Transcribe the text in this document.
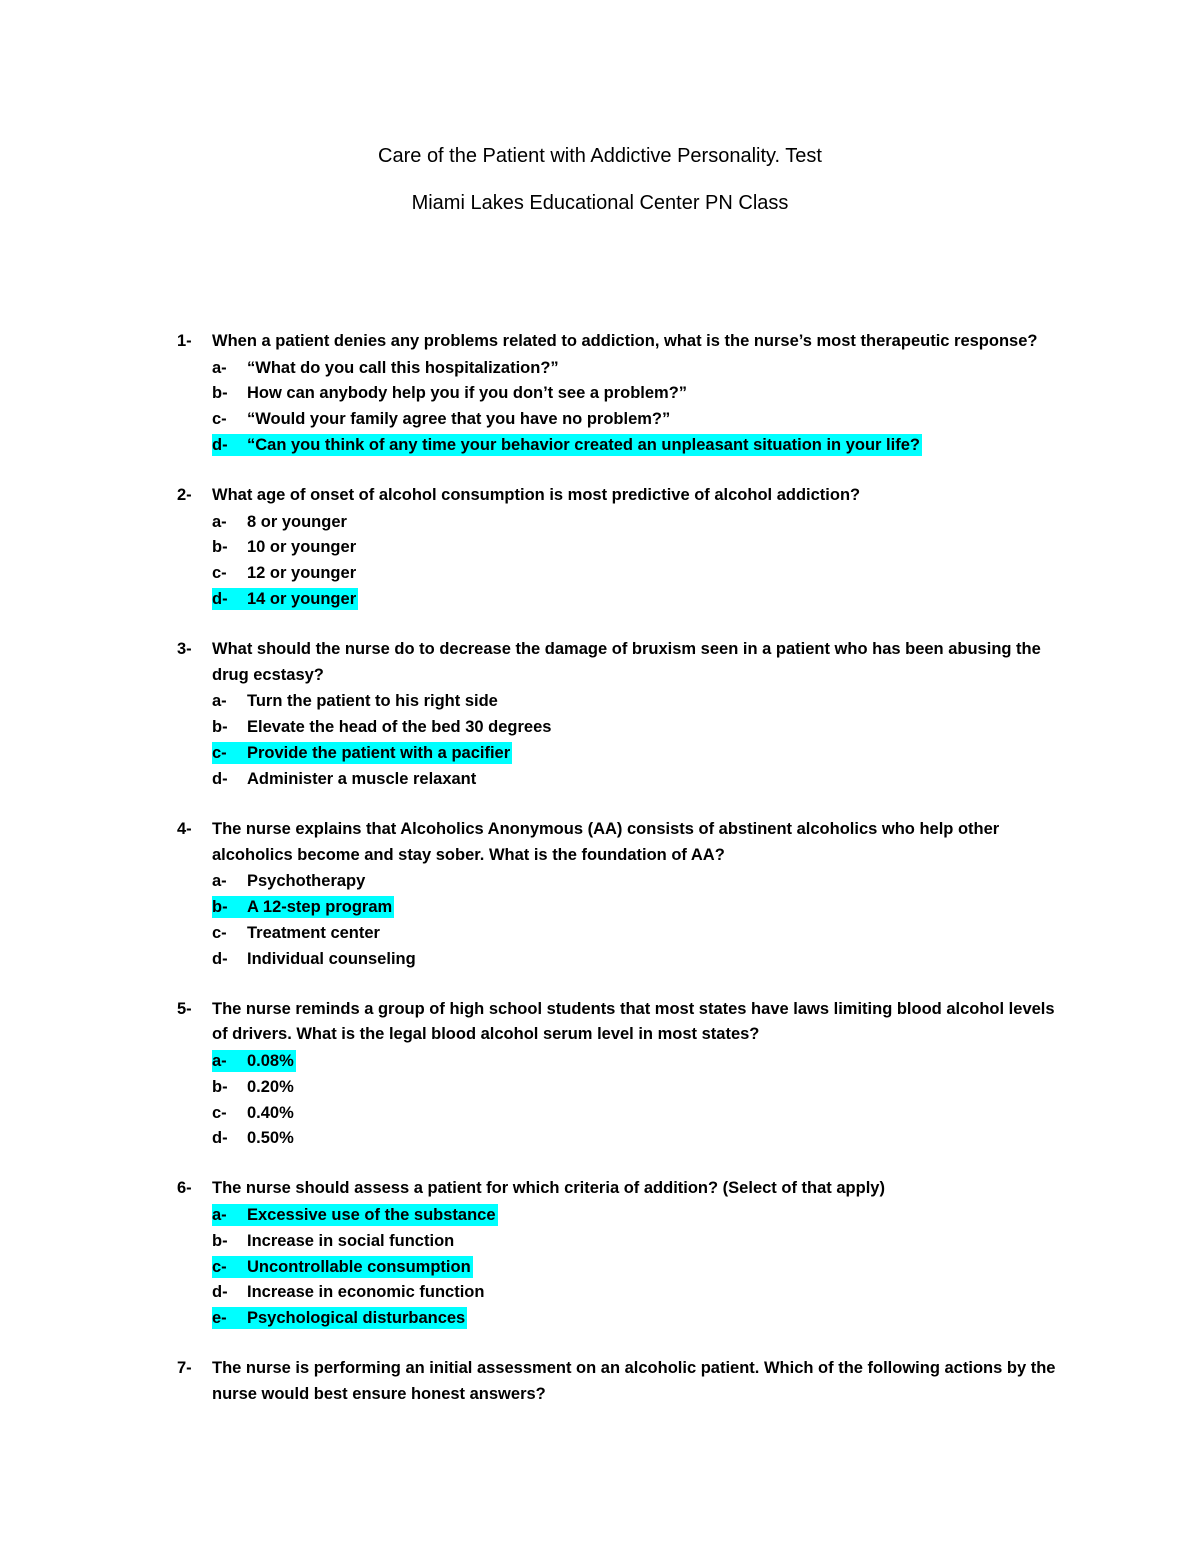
Care of the Patient with Addictive Personality. Test
Miami Lakes Educational Center PN Class
1-	When a patient denies any problems related to addiction, what is the nurse’s most therapeutic response?
a-	“What do you call this hospitalization?”
b-	How can anybody help you if you don’t see a problem?”
c-	“Would your family agree that you have no problem?”
d-	“Can you think of any time your behavior created an unpleasant situation in your life?
2-	What age of onset of alcohol consumption is most predictive of alcohol addiction?
a-	8 or younger
b-	10 or younger
c-	12 or younger
d-	14 or younger
3-	What should the nurse do to decrease the damage of bruxism seen in a patient who has been abusing the drug ecstasy?
a-	Turn the patient to his right side
b-	Elevate the head of the bed 30 degrees
c-	Provide the patient with a pacifier
d-	Administer a muscle relaxant
4-	The nurse explains that Alcoholics Anonymous (AA) consists of abstinent alcoholics who help other alcoholics become and stay sober. What is the foundation of AA?
a-	Psychotherapy
b-	A 12-step program
c-	Treatment center
d-	Individual counseling
5-	The nurse reminds a group of high school students that most states have laws limiting blood alcohol levels of drivers. What is the legal blood alcohol serum level in most states?
a-	0.08%
b-	0.20%
c-	0.40%
d-	0.50%
6-	The nurse should assess a patient for which criteria of addition? (Select of that apply)
a-	Excessive use of the substance
b-	Increase in social function
c-	Uncontrollable consumption
d-	Increase in economic function
e-	Psychological disturbances
7-	The nurse is performing an initial assessment on an alcoholic patient. Which of the following actions by the nurse would best ensure honest answers?
